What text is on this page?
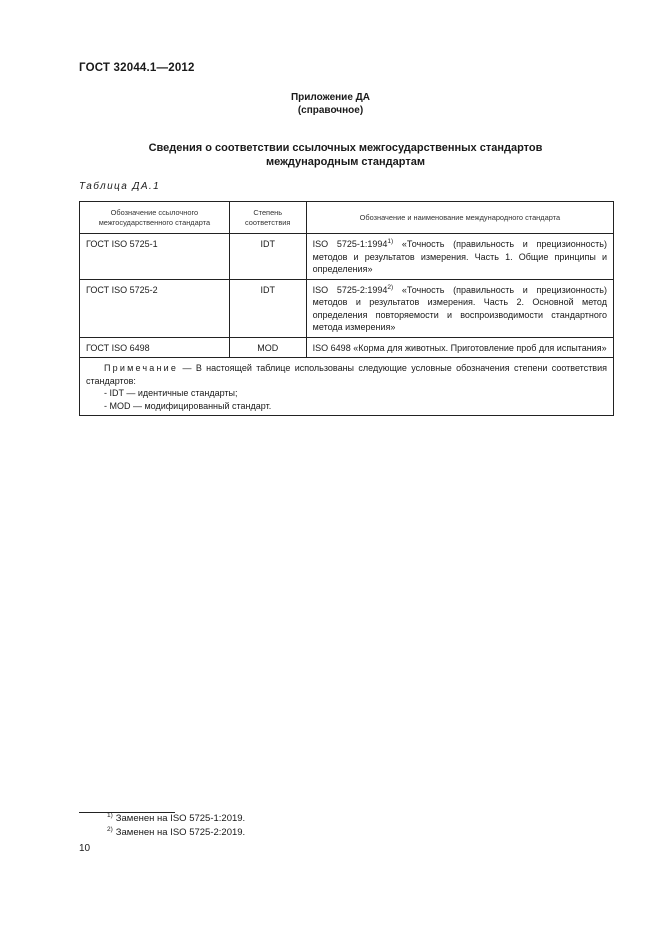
ГОСТ 32044.1—2012
Приложение ДА
(справочное)
Сведения о соответствии ссылочных межгосударственных стандартов
международным стандартам
Таблица ДА.1
Обозначение ссылочного межгосударственного стандарта	Степень соответствия	Обозначение и наименование международного стандарта
ГОСТ ISO 5725-1	IDT	ISO 5725-1:1994$^{1)}$ «Точность (правильность и прецизионность) методов и результатов измерения. Часть 1. Общие принципы и определения»
ГОСТ ISO 5725-2	IDT	ISO 5725-2:1994$^{2)}$ «Точность (правильность и прецизионность) методов и результатов измерения. Часть 2. Основной метод определения повторяемости и воспроизводимости стандартного метода измерения»
ГОСТ ISO 6498	MOD	ISO 6498 «Корма для животных. Приготовление проб для испытания»

Примечание — В настоящей таблице использованы следующие условные обозначения степени соответствия стандартов:
- IDT — идентичные стандарты;
- MOD — модифицированный стандарт.		
$^{1)}$ Заменен на ISO 5725-1:2019.
$^{2)}$ Заменен на ISO 5725-2:2019.
10
